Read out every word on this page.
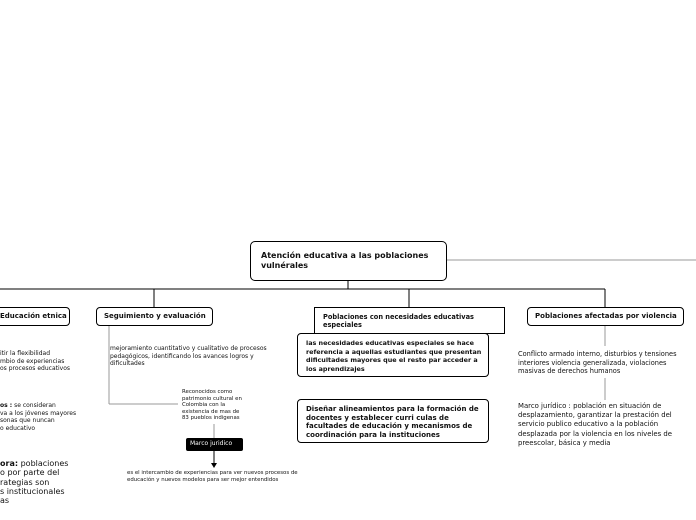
Atención educativa a las poblaciones vulnérales
Educación etnica
itir la flexibilidad
mbio de experiencias
os procesos educativos
os : se consideran
va a los jóvenes mayores
sonas que nuncan
o educativo
ora: poblaciones
o por parte del
rategias son
s institucionales
as
Seguimiento y evaluación
mejoramiento cuantitativo y cualitativo de procesos pedagógicos, identificando los avances logros y dificultades
Reconocidos como patrimonio cultural en Colombia con la existencia de mas de 83 pueblos indigenas
Marco juridico
es el intercambio de experiencias para ver nuevos procesos de educación y nuevos modelos para ser mejor entendidos
Poblaciones con necesidades educativas especiales
las necesidades educativas especiales se hace referencia a aquellas estudiantes que presentan dificultades mayores que el resto par acceder a los aprendizajes
Diseñar alineamientos para la formación de docentes y establecer curri culas de facultades de educación y mecanismos de coordinación para la instituciones
Poblaciones afectadas por violencia
Conflicto armado interno, disturbios y tensiones interiores violencia generalizada, violaciones masivas de derechos humanos
Marco jurídico : población en situación de desplazamiento, garantizar la prestación del servicio publico educativo a la población desplazada por la violencia en los niveles de preescolar, básica y media
